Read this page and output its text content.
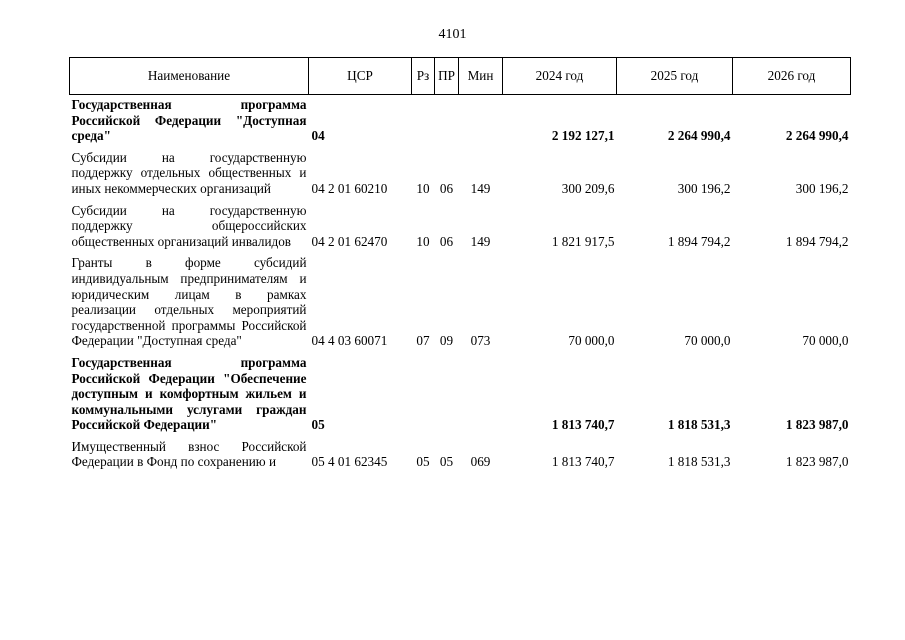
4101
Наименование	ЦСР	Рз	ПР	Мин	2024 год	2025 год	2026 год
Государственная программа Российской Федерации "Доступная среда"	04				2 192 127,1	2 264 990,4	2 264 990,4
Субсидии на государственную поддержку отдельных общественных и иных некоммерческих организаций	04 2 01 60210	10	06	149	300 209,6	300 196,2	300 196,2
Субсидии на государственную поддержку общероссийских общественных организаций инвалидов	04 2 01 62470	10	06	149	1 821 917,5	1 894 794,2	1 894 794,2
Гранты в форме субсидий индивидуальным предпринимателям и юридическим лицам в рамках реализации отдельных мероприятий государственной программы Российской Федерации "Доступная среда"	04 4 03 60071	07	09	073	70 000,0	70 000,0	70 000,0
Государственная программа Российской Федерации "Обеспечение доступным и комфортным жильем и коммунальными услугами граждан Российской Федерации"	05				1 813 740,7	1 818 531,3	1 823 987,0
Имущественный взнос Российской Федерации в Фонд по сохранению и	05 4 01 62345	05	05	069	1 813 740,7	1 818 531,3	1 823 987,0
